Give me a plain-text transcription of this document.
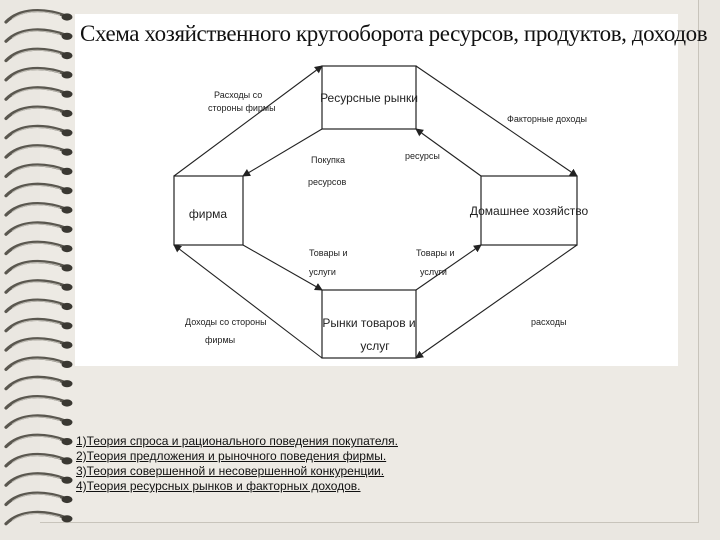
Ресурсные рынки
фирма	Домашнее хозяйство
Рынки товаров и
услуг
Расходы со
стороны фирмы
Факторные доходы
Покупка
ресурсов
ресурсы
Товары и
услуги
Товары и
услуги
Доходы со стороны
фирмы
расходы
Схема хозяйственного кругооборота ресурсов, продуктов, доходов
1)Теория спроса и рационального поведения покупателя.
2)Теория предложения и рыночного поведения фирмы.
3)Теория совершенной и несовершенной конкуренции.
4)Теория ресурсных рынков и факторных доходов.
